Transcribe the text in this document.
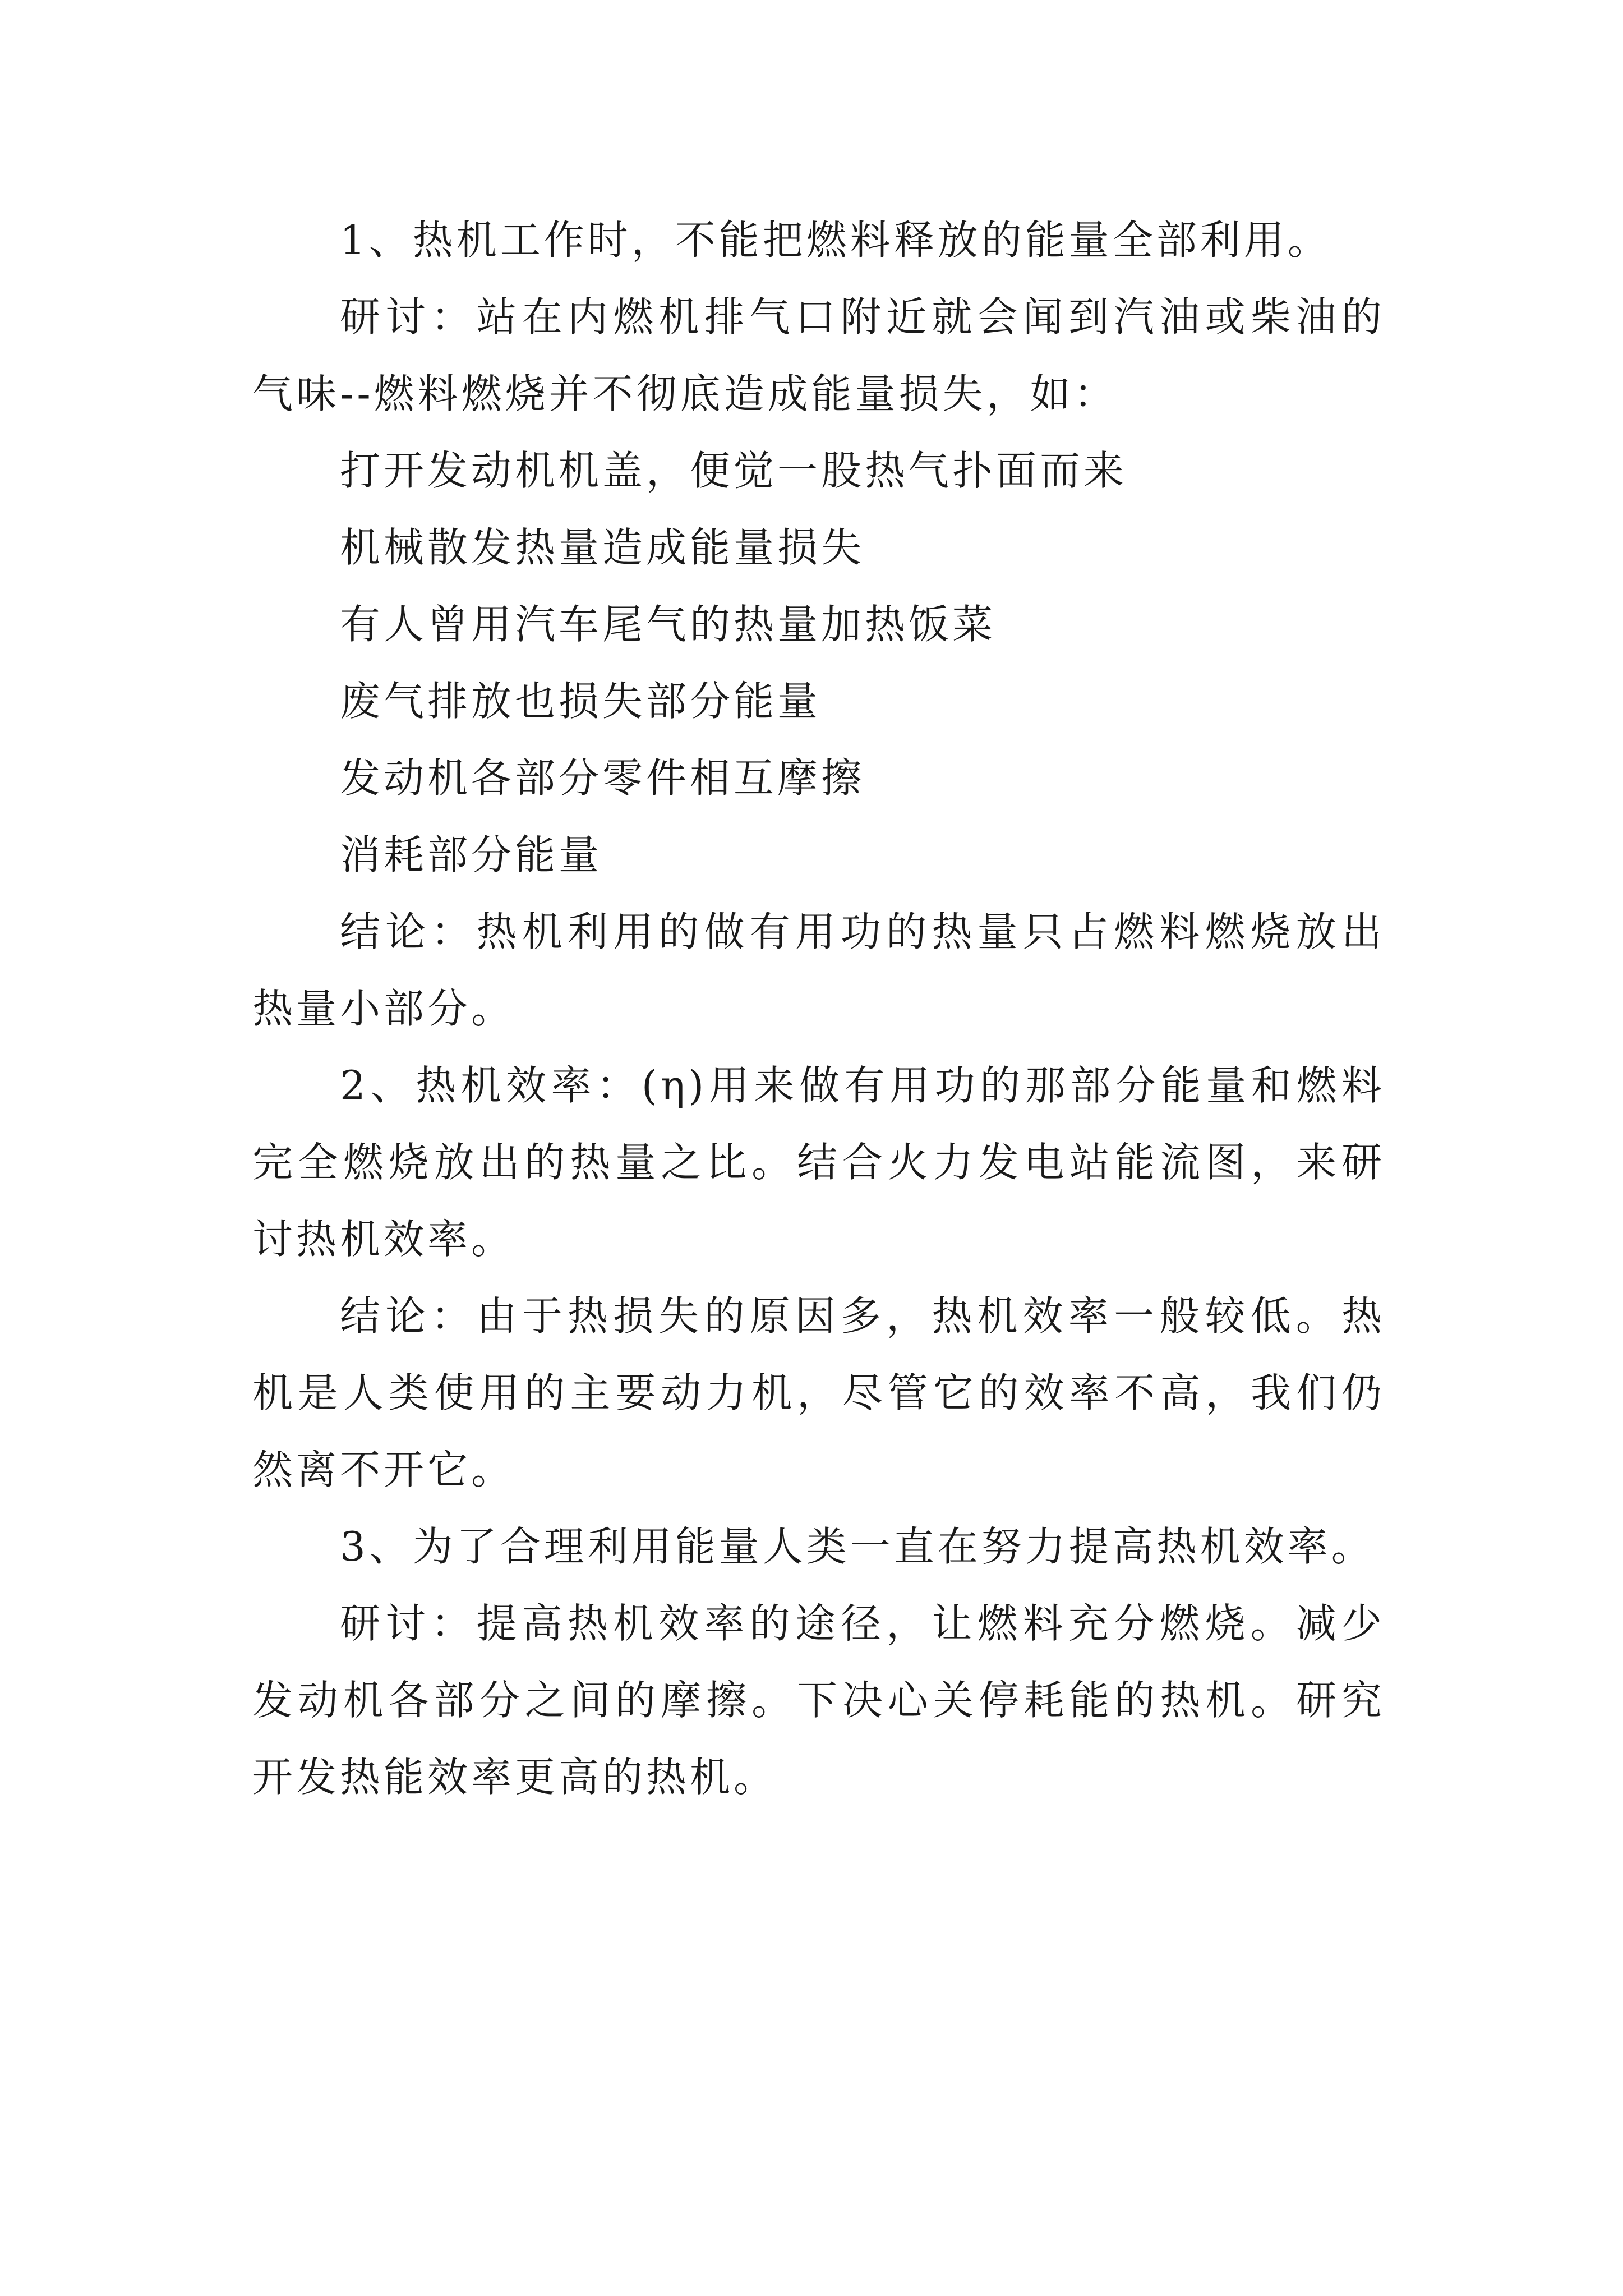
1、热机工作时，不能把燃料释放的能量全部利用。

研讨：站在内燃机排气口附近就会闻到汽油或柴油的气味--燃料燃烧并不彻底造成能量损失，如：

打开发动机机盖，便觉一股热气扑面而来

机械散发热量造成能量损失

有人曾用汽车尾气的热量加热饭菜

废气排放也损失部分能量

发动机各部分零件相互摩擦

消耗部分能量

结论：热机利用的做有用功的热量只占燃料燃烧放出热量小部分。

2、热机效率：(η)用来做有用功的那部分能量和燃料完全燃烧放出的热量之比。结合火力发电站能流图，来研讨热机效率。

结论：由于热损失的原因多，热机效率一般较低。热机是人类使用的主要动力机，尽管它的效率不高，我们仍然离不开它。

3、为了合理利用能量人类一直在努力提高热机效率。

研讨：提高热机效率的途径，让燃料充分燃烧。减少发动机各部分之间的摩擦。下决心关停耗能的热机。研究开发热能效率更高的热机。
